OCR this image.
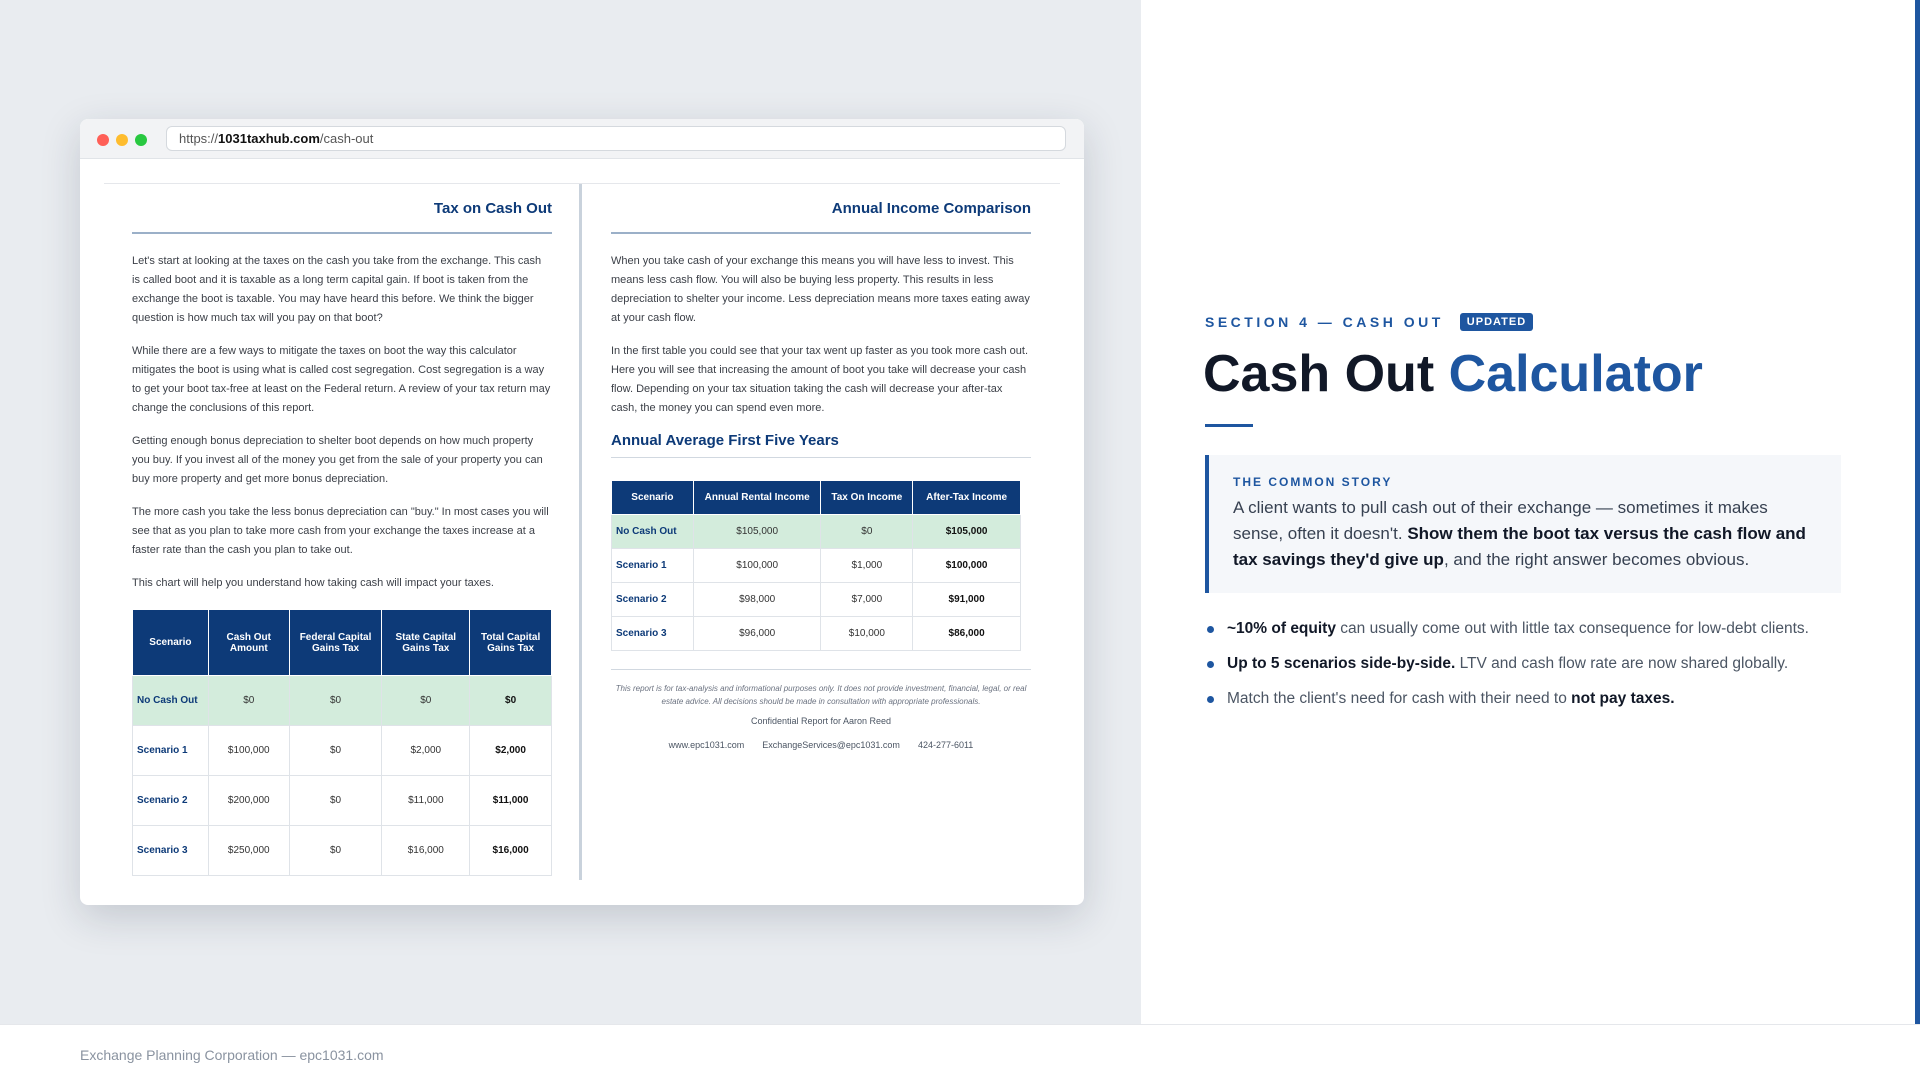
https://1031taxhub.com/cash-out
Tax on Cash Out

Let's start at looking at the taxes on the cash you take from the exchange. This cash is called boot and it is taxable as a long term capital gain. If boot is taken from the exchange the boot is taxable. You may have heard this before. We think the bigger question is how much tax will you pay on that boot?

While there are a few ways to mitigate the taxes on boot the way this calculator mitigates the boot is using what is called cost segregation. Cost segregation is a way to get your boot tax-free at least on the Federal return. A review of your tax return may change the conclusions of this report.

Getting enough bonus depreciation to shelter boot depends on how much property you buy. If you invest all of the money you get from the sale of your property you can buy more property and get more bonus depreciation.

The more cash you take the less bonus depreciation can "buy." In most cases you will see that as you plan to take more cash from your exchange the taxes increase at a faster rate than the cash you plan to take out.

This chart will help you understand how taking cash will impact your taxes.

Scenario	Cash Out Amount	Federal Capital Gains Tax	State Capital Gains Tax	Total Capital Gains Tax
No Cash Out	$0	$0	$0	$0
Scenario 1	$100,000	$0	$2,000	$2,000
Scenario 2	$200,000	$0	$11,000	$11,000
Scenario 3	$250,000	$0	$16,000	$16,000
Annual Income Comparison

When you take cash of your exchange this means you will have less to invest. This means less cash flow. You will also be buying less property. This results in less depreciation to shelter your income. Less depreciation means more taxes eating away at your cash flow.

In the first table you could see that your tax went up faster as you took more cash out. Here you will see that increasing the amount of boot you take will decrease your cash flow. Depending on your tax situation taking the cash will decrease your after-tax cash, the money you can spend even more.

Annual Average First Five Years
Scenario	Annual Rental Income	Tax On Income	After-Tax Income
No Cash Out	$105,000	$0	$105,000
Scenario 1	$100,000	$1,000	$100,000
Scenario 2	$98,000	$7,000	$91,000
Scenario 3	$96,000	$10,000	$86,000
This report is for tax-analysis and informational purposes only. It does not provide investment, financial, legal, or real estate advice. All decisions should be made in consultation with appropriate professionals.
Confidential Report for Aaron Reed
www.epc1031.com ExchangeServices@epc1031.com 424-277-6011
SECTION 4 — CASH OUT	UPDATED
Cash Out Calculator
THE COMMON STORY

A client wants to pull cash out of their exchange — sometimes it makes sense, often it doesn't. Show them the boot tax versus the cash flow and tax savings they'd give up, and the right answer becomes obvious.

~10% of equity can usually come out with little tax consequence for low-debt clients.
Up to 5 scenarios side-by-side. LTV and cash flow rate are now shared globally.
Match the client's need for cash with their need to not pay taxes.
Exchange Planning Corporation — epc1031.com
